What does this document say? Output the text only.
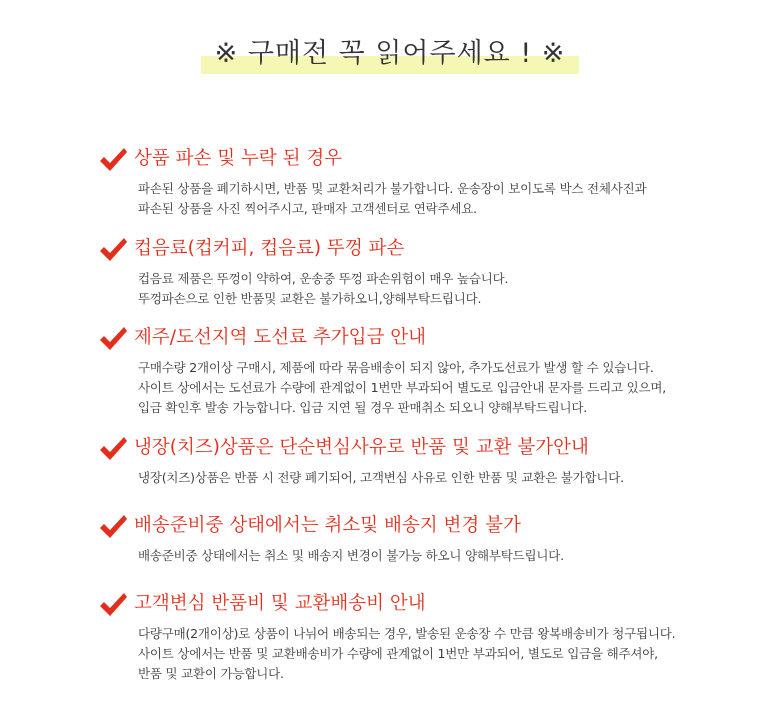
※ 구매전 꼭 읽어주세요 ! ※
상품 파손 및 누락 된 경우
파손된 상품을 폐기하시면, 반품 및 교환처리가 불가합니다. 운송장이 보이도록 박스 전체사진과
파손된 상품을 사진 찍어주시고, 판매자 고객센터로 연락주세요.
컵음료(컵커피, 컵음료) 뚜껑 파손
컵음료 제품은 뚜껑이 약하여, 운송중 뚜껑 파손위험이 매우 높습니다.
뚜껑파손으로 인한 반품및 교환은 불가하오니,양해부탁드립니다.
제주/도선지역 도선료 추가입금 안내
구매수량 2개이상 구매시, 제품에 따라 묶음배송이 되지 않아, 추가도선료가 발생 할 수 있습니다.
사이트 상에서는 도선료가 수량에 관계없이 1번만 부과되어 별도로 입금안내 문자를 드리고 있으며,
입금 확인후 발송 가능합니다. 입금 지연 될 경우 판매취소 되오니 양해부탁드립니다.
냉장(치즈)상품은 단순변심사유로 반품 및 교환 불가안내
냉장(치즈)상품은 반품 시 전량 폐기되어, 고객변심 사유로 인한 반품 및 교환은 불가합니다.
배송준비중 상태에서는 취소및 배송지 변경 불가
배송준비중 상태에서는 취소 및 배송지 변경이 불가능 하오니 양해부탁드립니다.
고객변심 반품비 및 교환배송비 안내
다량구매(2개이상)로 상품이 나뉘어 배송되는 경우, 발송된 운송장 수 만큼 왕복배송비가 청구됩니다.
사이트 상에서는 반품 및 교환배송비가 수량에 관계없이 1번만 부과되어, 별도로 입금을 해주셔야,
반품 및 교환이 가능합니다.
